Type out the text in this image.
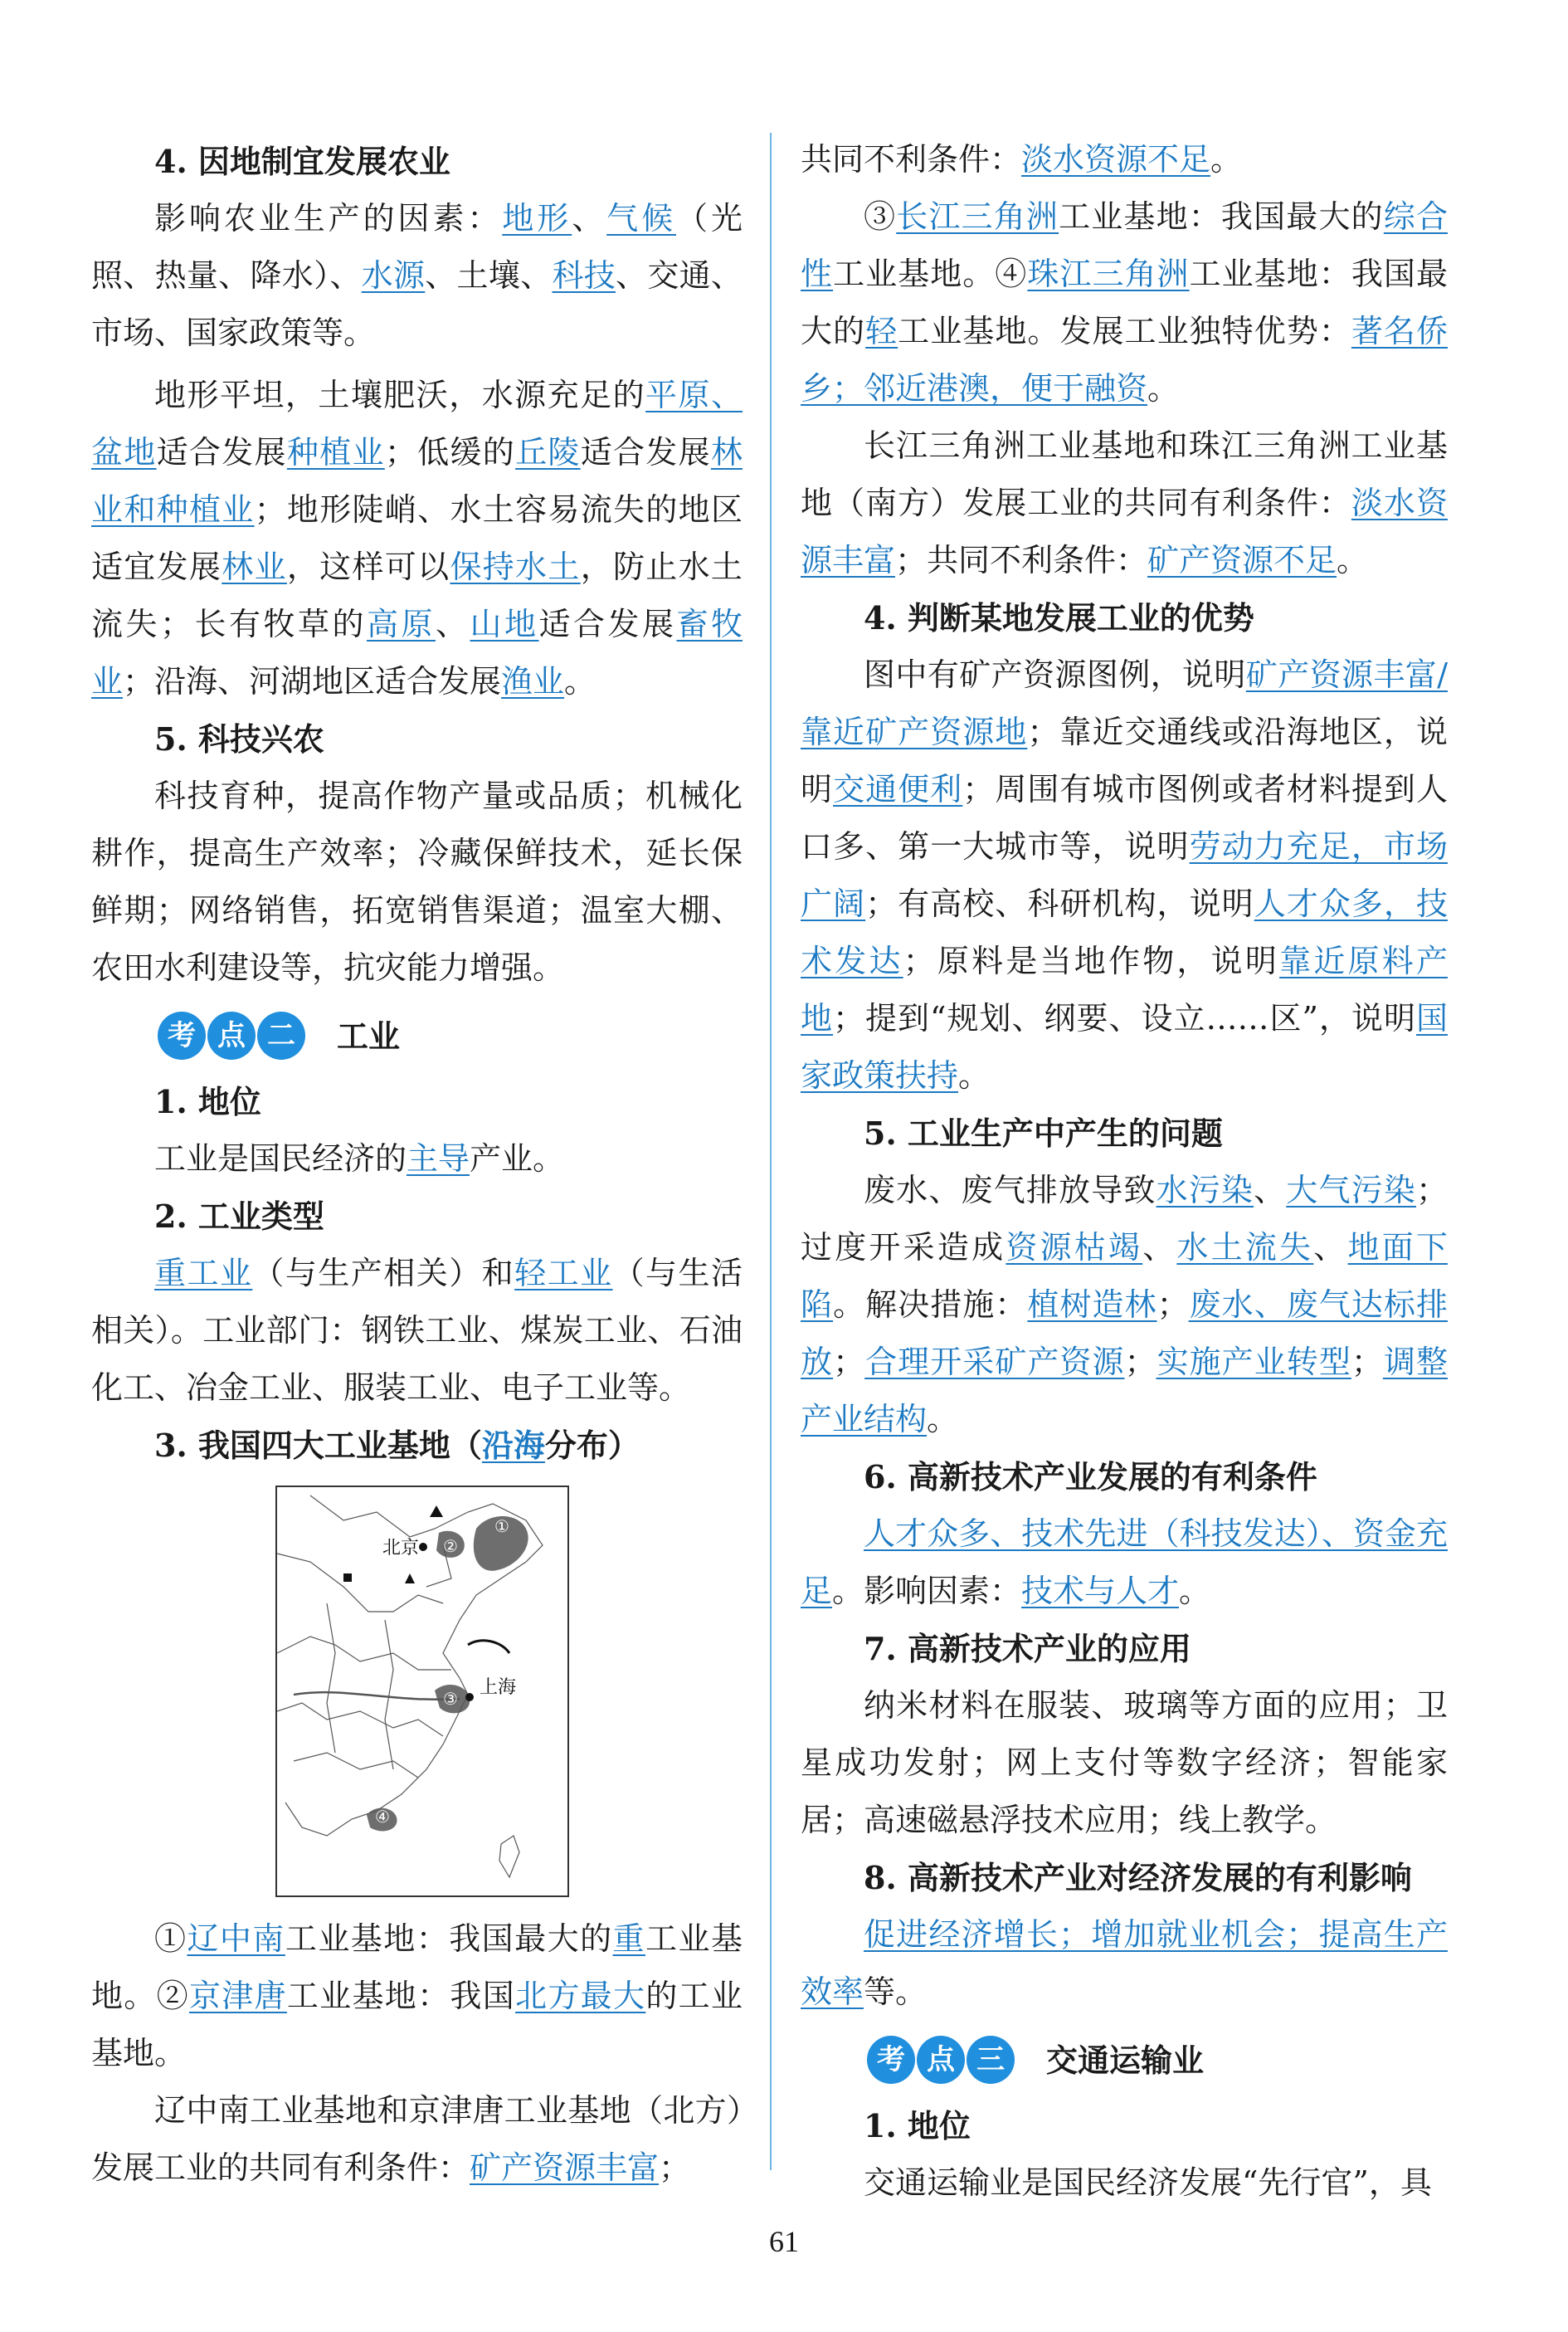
4. 因地制宜发展农业

影响农业生产的因素：地形、气候（光照、热量、降水）、水源、土壤、科技、交通、市场、国家政策等。

地形平坦，土壤肥沃，水源充足的平原、盆地适合发展种植业；低缓的丘陵适合发展林业和种植业；地形陡峭、水土容易流失的地区适宜发展林业，这样可以保持水土，防止水土流失；长有牧草的高原、山地适合发展畜牧业；沿海、河湖地区适合发展渔业。

5. 科技兴农

科技育种，提高作物产量或品质；机械化耕作，提高生产效率；冷藏保鲜技术，延长保鲜期；网络销售，拓宽销售渠道；温室大棚、农田水利建设等，抗灾能力增强。

考 点 二	工业
1. 地位

工业是国民经济的主导产业。

2. 工业类型

重工业（与生产相关）和轻工业（与生活相关）。工业部门：钢铁工业、煤炭工业、石油化工、冶金工业、服装工业、电子工业等。

3. 我国四大工业基地（沿海分布）
北京
上海
①
②
③
④

①辽中南工业基地：我国最大的重工业基地。②京津唐工业基地：我国北方最大的工业基地。

辽中南工业基地和京津唐工业基地（北方）发展工业的共同有利条件：矿产资源丰富；

共同不利条件：淡水资源不足。

③长江三角洲工业基地：我国最大的综合性工业基地。④珠江三角洲工业基地：我国最大的轻工业基地。发展工业独特优势：著名侨乡；邻近港澳，便于融资。

长江三角洲工业基地和珠江三角洲工业基地（南方）发展工业的共同有利条件：淡水资源丰富；共同不利条件：矿产资源不足。

4. 判断某地发展工业的优势

图中有矿产资源图例，说明矿产资源丰富/靠近矿产资源地；靠近交通线或沿海地区，说明交通便利；周围有城市图例或者材料提到人口多、第一大城市等，说明劳动力充足，市场广阔；有高校、科研机构，说明人才众多，技术发达；原料是当地作物，说明靠近原料产地；提到“规划、纲要、设立……区”，说明国家政策扶持。

5. 工业生产中产生的问题

废水、废气排放导致水污染、大气污染；过度开采造成资源枯竭、水土流失、地面下陷。解决措施：植树造林；废水、废气达标排放；合理开采矿产资源；实施产业转型；调整产业结构。

6. 高新技术产业发展的有利条件

人才众多、技术先进（科技发达）、资金充足。影响因素：技术与人才。

7. 高新技术产业的应用

纳米材料在服装、玻璃等方面的应用；卫星成功发射；网上支付等数字经济；智能家居；高速磁悬浮技术应用；线上教学。

8. 高新技术产业对经济发展的有利影响

促进经济增长；增加就业机会；提高生产效率等。

考 点 三	交通运输业
1. 地位

交通运输业是国民经济发展“先行官”，具

61
